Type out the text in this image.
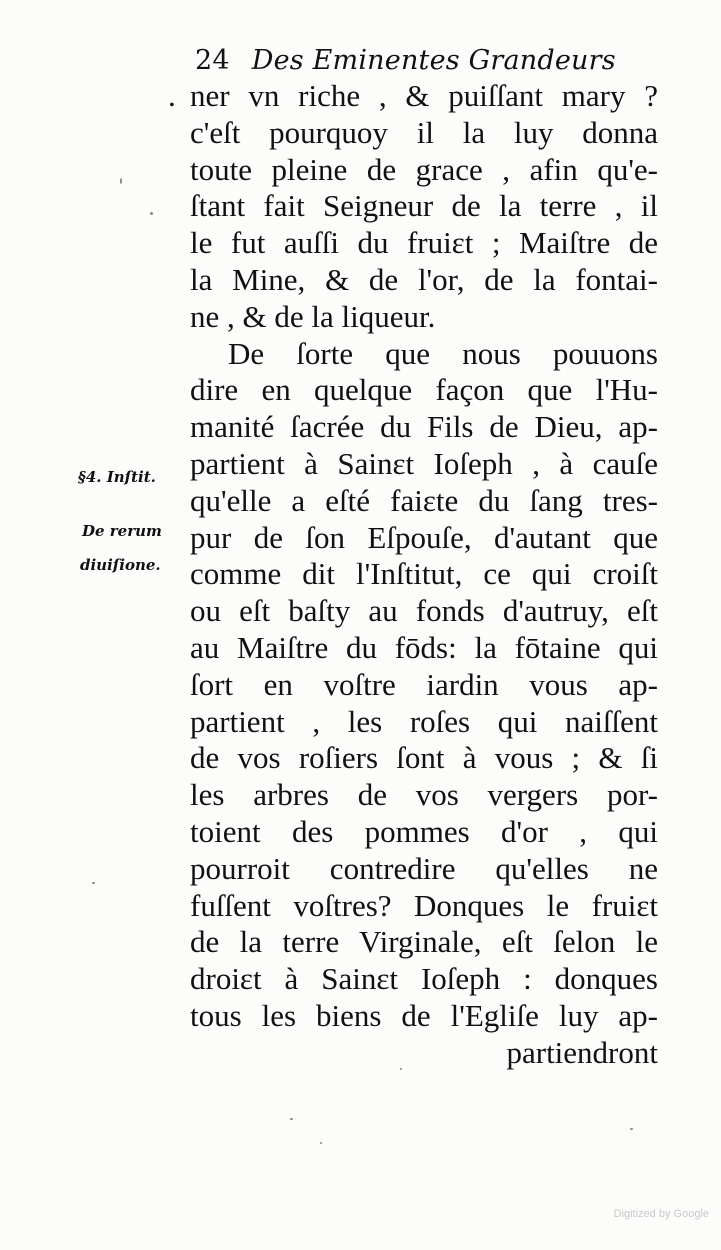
24 Des Eminentes Grandeurs
.
§4. Inſtit.
De rerum
diuiſione.
ner vn riche , & puiſſant mary ?
c'eſt pourquoy il la luy donna
toute pleine de grace , afin qu'e-
ſtant fait Seigneur de la terre , il
le fut auſſi du fruiɛt ; Maiſtre de
la Mine, & de l'or, de la fontai-
ne , & de la liqueur.
De ſorte que nous pouuons
dire en quelque façon que l'Hu-
manité ſacrée du Fils de Dieu, ap-
partient à Sainɛt Ioſeph , à cauſe
qu'elle a eſté faiɛte du ſang tres-
pur de ſon Eſpouſe, d'autant que
comme dit l'Inſtitut, ce qui croiſt
ou eſt baſty au fonds d'autruy, eſt
au Maiſtre du fōds: la fōtaine qui
ſort en voſtre iardin vous ap-
partient , les roſes qui naiſſent
de vos roſiers ſont à vous ; & ſi
les arbres de vos vergers por-
toient des pommes d'or , qui
pourroit contredire qu'elles ne
fuſſent voſtres? Donques le fruiɛt
de la terre Virginale, eſt ſelon le
droiɛt à Sainɛt Ioſeph : donques
tous les biens de l'Egliſe luy ap-
partiendront
Digitized by Google
